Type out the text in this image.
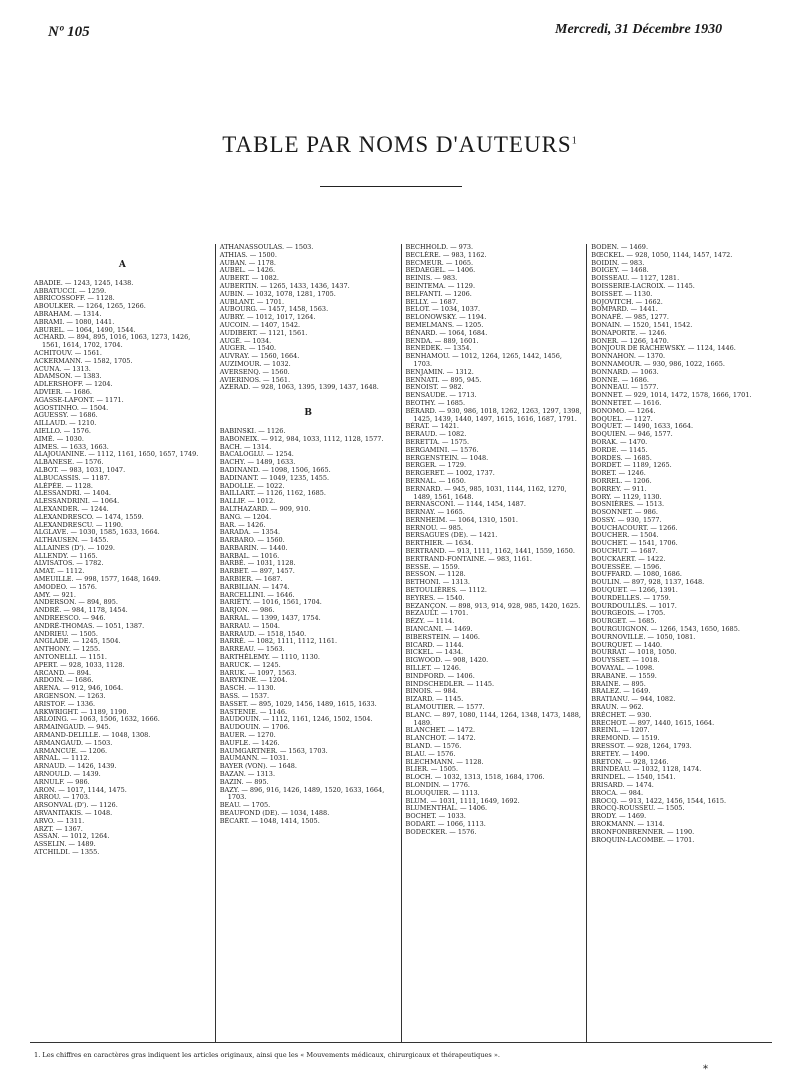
Nº 105	Mercredi, 31 Décembre 1930
TABLE PAR NOMS D'AUTEURS$^1$
A
ABADIE. — 1243, 1245, 1438.
ABBATUCCI. — 1259.
ABRICOSSOFF. — 1128.
ABOULKER. — 1264, 1265, 1266.
ABRAHAM. — 1314.
ABRAMI. — 1080, 1441.
ABUREL. — 1064, 1490, 1544.
ACHARD. — 894, 895, 1016, 1063, 1273, 1426, 1561, 1614, 1702, 1704.
ACHITOUV. — 1561.
ACKERMANN. — 1582, 1705.
ACUNA. — 1313.
ADAMSON. — 1383.
ADLERSHOFF. — 1204.
ADVIER. — 1686.
AGASSE-LAFONT. — 1171.
AGOSTINHO. — 1504.
AGUESSY. — 1686.
AILLAUD. — 1210.
AIELLO. — 1576.
AIMÉ. — 1030.
AIMES. — 1633, 1663.
ALAJOUANINE. — 1112, 1161, 1650, 1657, 1749.
ALBANESE. — 1576.
ALBOT. — 983, 1031, 1047.
ALBUCASSIS. — 1187.
ALÉPÉE. — 1128.
ALESSANDRI. — 1404.
ALESSANDRINI. — 1064.
ALEXANDER. — 1244.
ALEXANDRESCO. — 1474, 1559.
ALEXANDRESCU. — 1190.
ALGLAVE. — 1030, 1585, 1633, 1664.
ALTHAUSEN. — 1455.
ALLAINES (D'). — 1029.
ALLENDY. — 1165.
ALVISATOS. — 1782.
AMAT. — 1112.
AMEUILLE. — 998, 1577, 1648, 1649.
AMODEO. — 1576.
AMY. — 921.
ANDERSON. — 894, 895.
ANDRÉ. — 984, 1178, 1454.
ANDREESCO. — 946.
ANDRÉ-THOMAS. — 1051, 1387.
ANDRIEU. — 1505.
ANGLADE. — 1245, 1504.
ANTHONY. — 1255.
ANTONELLI. — 1151.
APERT. — 928, 1033, 1128.
ARCAND. — 894.
ARDOIN. — 1686.
ARENA. — 912, 946, 1064.
ARGENSON. — 1263.
ARISTOF. — 1336.
ARKWRIGHT. — 1189, 1190.
ARLOING. — 1063, 1506, 1632, 1666.
ARMAINGAUD. — 945.
ARMAND-DELILLE. — 1048, 1308.
ARMANGAUD. — 1503.
ARMANCUE. — 1206.
ARNAL. — 1112.
ARNAUD. — 1426, 1439.
ARNOULD. — 1439.
ARNULF. — 986.
ARON. — 1017, 1144, 1475.
ARROU. — 1703.
ARSONVAL (D'). — 1126.
ARVANITAKIS. — 1048.
ARVO. — 1311.
ARZT. — 1367.
ASSAN. — 1012, 1264.
ASSELIN. — 1489.
ATCHILDI. — 1355.
ATHANASSOULAS. — 1503.
ATHIAS. — 1500.
AUBAN. — 1178.
AUBEL. — 1426.
AUBERT. — 1082.
AUBERTIN. — 1265, 1433, 1436, 1437.
AUBIN. — 1032, 1078, 1281, 1705.
AUBLANT. — 1701.
AUBOURG. — 1457, 1458, 1563.
AUBRY. — 1012, 1017, 1264.
AUCOIN. — 1407, 1542.
AUDIBERT. — 1121, 1561.
AUGÉ. — 1034.
AUGER. — 1540.
AUVRAY. — 1560, 1664.
AUZIMOUR. — 1032.
AVERSENQ. — 1560.
AVIERINOS. — 1561.
AZERAD. — 928, 1063, 1395, 1399, 1437, 1648.
B
BABINSKI. — 1126.
BABONEIX. — 912, 984, 1033, 1112, 1128, 1577.
BACH. — 1314.
BACALOGLU. — 1254.
BACHY. — 1489, 1633.
BADINAND. — 1098, 1506, 1665.
BADINANT. — 1049, 1235, 1455.
BADOLLE. — 1022.
BAILLART. — 1126, 1162, 1685.
BALLIF. — 1012.
BALTHAZARD. — 909, 910.
BANG. — 1204.
BAR. — 1426.
BARADA. — 1354.
BARBARO. — 1560.
BARBARIN. — 1440.
BARBAL. — 1016.
BARBÉ. — 1031, 1128.
BARBET. — 897, 1457.
BARBIER. — 1687.
BARBILIAN. — 1474.
BARCELLINI. — 1646.
BARIÉTY. — 1016, 1561, 1704.
BARJON. — 986.
BARRAL. — 1399, 1437, 1754.
BARRAU. — 1504.
BARRAUD. — 1518, 1540.
BARRÉ. — 1082, 1111, 1112, 1161.
BARREAU. — 1563.
BARTHÉLEMY. — 1110, 1130.
BARUCK. — 1245.
BARUK. — 1097, 1563.
BARYKINE. — 1204.
BASCH. — 1130.
BASS. — 1537.
BASSET. — 895, 1029, 1456, 1489, 1615, 1633.
BASTENIE. — 1146.
BAUDOUIN. — 1112, 1161, 1246, 1502, 1504.
BAUDOUIN. — 1706.
BAUER. — 1270.
BAUFLE. — 1426.
BAUMGARTNER. — 1563, 1703.
BAUMANN. — 1031.
BAYER (VON). — 1648.
BAZAN. — 1313.
BAZIN. — 895.
BAZY. — 896, 916, 1426, 1489, 1520, 1633, 1664, 1703.
BEAU. — 1705.
BEAUFOND (DE). — 1034, 1488.
BÉCART. — 1048, 1414, 1505.
BECHHOLD. — 973.
BECLÈRE. — 983, 1162.
BECMEUR. — 1065.
BEDAEGEL. — 1406.
BEINIS. — 983.
BEINTEMA. — 1129.
BELFANTI. — 1206.
BELLY. — 1687.
BELOT. — 1034, 1037.
BELONOWSKY. — 1194.
BEMELMANS. — 1205.
BÉNARD. — 1064, 1684.
BENDA. — 889, 1601.
BENEDEK. — 1354.
BENHAMOU. — 1012, 1264, 1265, 1442, 1456, 1703.
BENJAMIN. — 1312.
BENNATI. — 895, 945.
BENOIST. — 982.
BENSAUDE. — 1713.
BEOTHY. — 1685.
BÉRARD. — 930, 986, 1018, 1262, 1263, 1297, 1398, 1425, 1439, 1440, 1497, 1615, 1616, 1687, 1791.
BÉRAT. — 1421.
BERAUD. — 1082.
BERETTA. — 1575.
BERGAMINI. — 1576.
BERGENSTEIN. — 1048.
BERGER. — 1729.
BERGERET. — 1002, 1737.
BERNAL. — 1650.
BERNARD. — 945, 985, 1031, 1144, 1162, 1270, 1489, 1561, 1648.
BERNASCONI. — 1144, 1454, 1487.
BERNAY. — 1665.
BERNHEIM. — 1064, 1310, 1501.
BERNOU. — 985.
BERSAGUES (DE). — 1421.
BERTHIER. — 1634.
BERTRAND. — 913, 1111, 1162, 1441, 1559, 1650.
BERTRAND-FONTAINE. — 983, 1161.
BESSE. — 1559.
BESSON. — 1128.
BETHONI. — 1313.
BETOULIÈRES. — 1112.
BEYRES. — 1540.
BEZANÇON. — 898, 913, 914, 928, 985, 1420, 1625.
BEZAULT. — 1701.
BÉZY. — 1114.
BIANCANI. — 1469.
BIBERSTEIN. — 1406.
BICARD. — 1144.
BICKEL. — 1434.
BIGWOOD. — 908, 1420.
BILLET. — 1246.
BINDFORD. — 1406.
BINDSCHEDLER. — 1145.
BINOIS. — 984.
BIZARD. — 1145.
BLAMOUTIER. — 1577.
BLANC. — 897, 1080, 1144, 1264, 1348, 1473, 1488, 1489.
BLANCHET. — 1472.
BLANCHOT. — 1472.
BLAND. — 1576.
BLAU. — 1576.
BLECHMANN. — 1128.
BLIER. — 1505.
BLOCH. — 1032, 1313, 1518, 1684, 1706.
BLONDIN. — 1776.
BLOUQUIER. — 1113.
BLUM. — 1031, 1111, 1649, 1692.
BLUMENTHAL. — 1406.
BOCHET. — 1033.
BODART. — 1066, 1113.
BODECKER. — 1576.
BODEN. — 1469.
BŒCKEL. — 928, 1050, 1144, 1457, 1472.
BOIDIN. — 983.
BOIGEY. — 1468.
BOISSEAU. — 1127, 1281.
BOISSERIE-LACROIX. — 1145.
BOISSET. — 1130.
BOJOVITCH. — 1662.
BOMPARD. — 1441.
BONAFÉ. — 985, 1277.
BONAIN. — 1520, 1541, 1542.
BONAPORTE. — 1246.
BONER. — 1266, 1470.
BONJOUR DE RACHEWSKY. — 1124, 1446.
BONNAHON. — 1370.
BONNAMOUR. — 930, 986, 1022, 1665.
BONNARD. — 1063.
BONNE. — 1686.
BONNEAU. — 1577.
BONNET. — 929, 1014, 1472, 1578, 1666, 1701.
BONNETET. — 1616.
BONOMO. — 1264.
BOQUEL. — 1127.
BOQUET. — 1490, 1633, 1664.
BOQUIEN. — 946, 1577.
BORAK. — 1470.
BORDE. — 1145.
BORDES. — 1685.
BORDET. — 1189, 1265.
BORET. — 1246.
BORREL. — 1206.
BORREY. — 911.
BORY. — 1129, 1130.
BOSNIÈRES. — 1513.
BOSONNET. — 986.
BOSSY. — 930, 1577.
BOUCHACOURT. — 1266.
BOUCHER. — 1504.
BOUCHET. — 1541, 1706.
BOUCHUT. — 1687.
BOUCKAERT. — 1422.
BOUESSÉE. — 1596.
BOUFFARD. — 1080, 1686.
BOULIN. — 897, 928, 1137, 1648.
BOUQUET. — 1266, 1391.
BOURDELLES. — 1759.
BOURDOULLÉS. — 1017.
BOURGEOIS. — 1705.
BOURGET. — 1685.
BOURGUIGNON. — 1266, 1543, 1650, 1685.
BOURNOVILLE. — 1050, 1081.
BOURQUET. — 1440.
BOURRAT. — 1018, 1050.
BOUYSSET. — 1018.
BOVAYAL. — 1098.
BRABANE. — 1559.
BRAINE. — 895.
BRALEZ. — 1649.
BRATIANU. — 944, 1082.
BRAUN. — 962.
BRÉCHET. — 930.
BRECHOT. — 897, 1440, 1615, 1664.
BREINL. — 1207.
BREMOND. — 1519.
BRESSOT. — 928, 1264, 1793.
BRETEY. — 1490.
BRETON. — 928, 1246.
BRINDEAU. — 1032, 1128, 1474.
BRINDEL. — 1540, 1541.
BRISARD. — 1474.
BROCA. — 984.
BROCQ. — 913, 1422, 1456, 1544, 1615.
BROCQ-ROUSSEU. — 1505.
BRODY. — 1469.
BROKMANN. — 1314.
BRONFONBRENNER. — 1190.
BROQUIN-LACOMBE. — 1701.
1. Les chiffres en caractères gras indiquent les articles originaux, ainsi que les « Mouvements médicaux, chirurgicaux et thérapeutiques ».
*
